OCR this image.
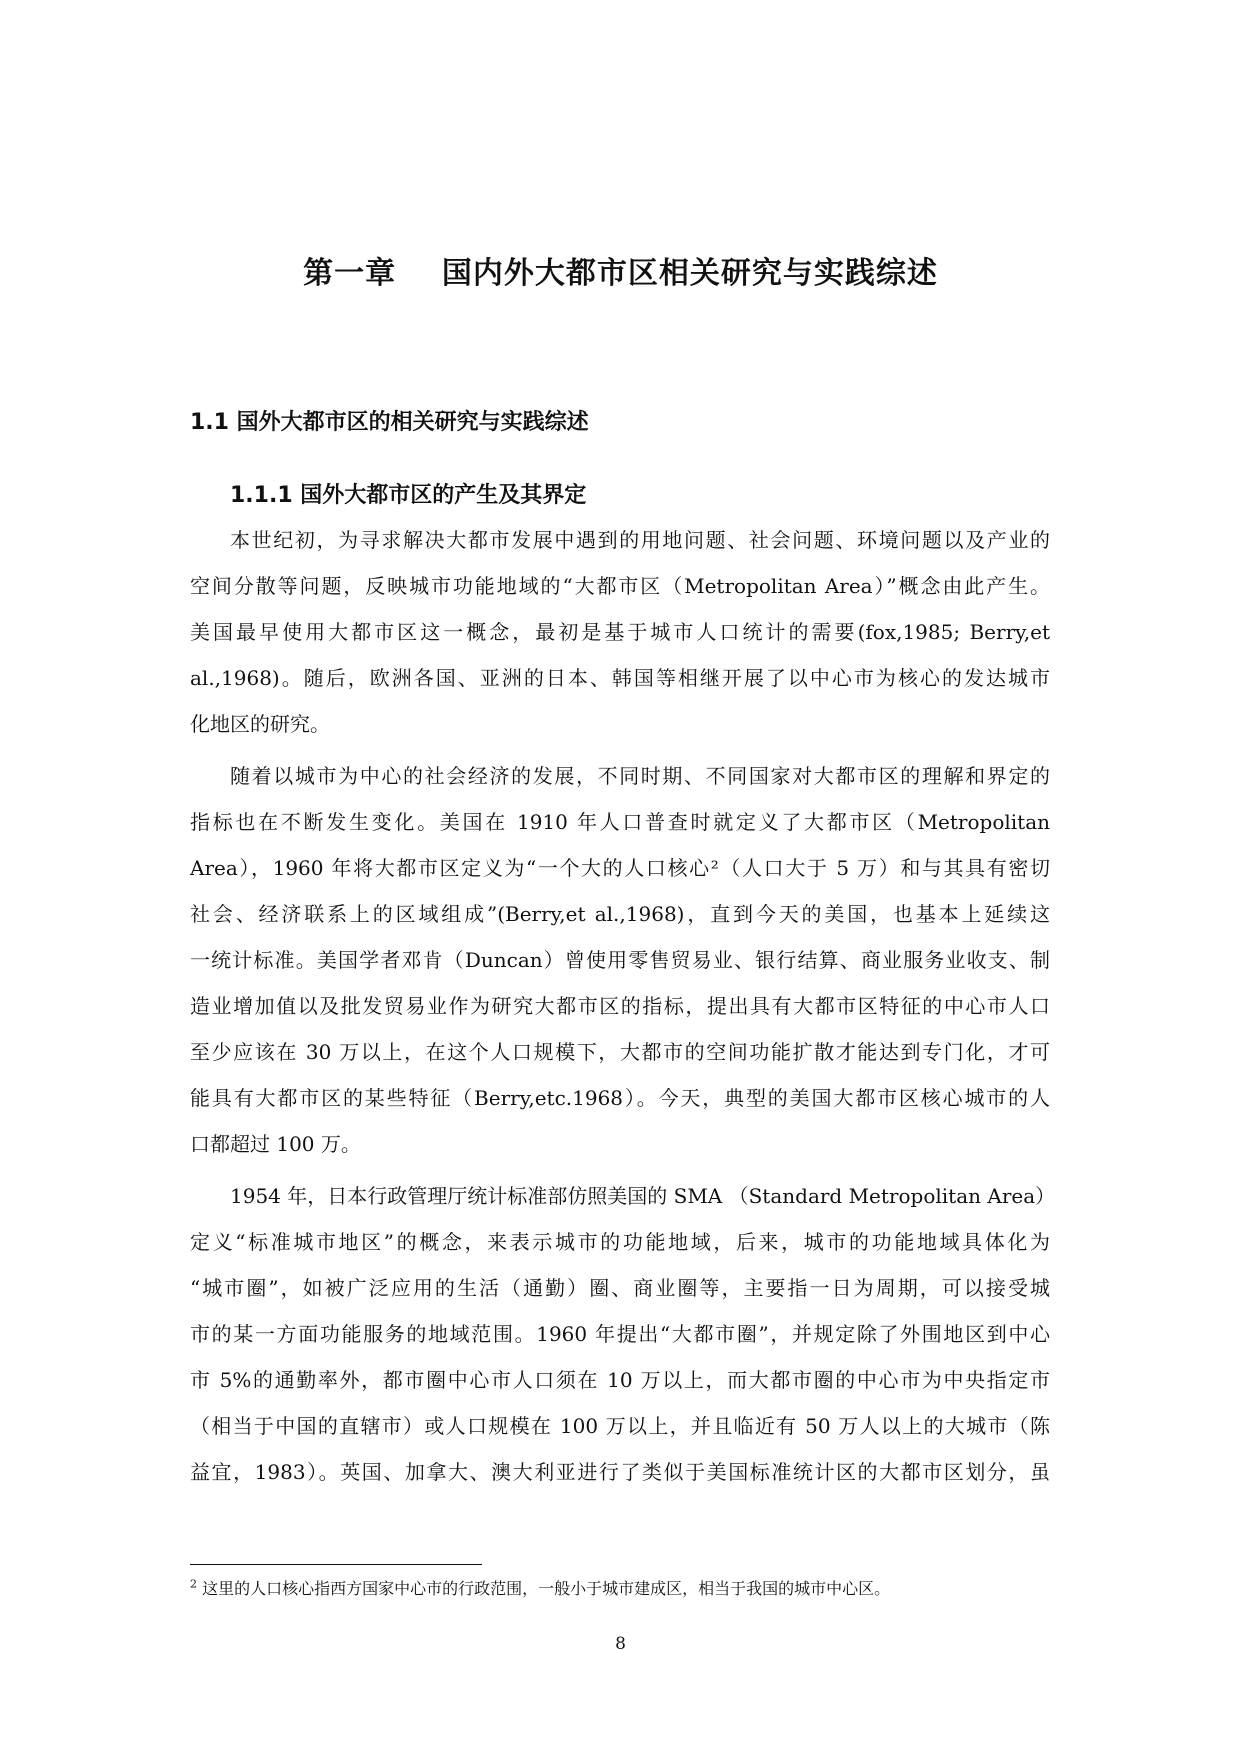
第一章    国内外大都市区相关研究与实践综述
1.1 国外大都市区的相关研究与实践综述
1.1.1 国外大都市区的产生及其界定
本世纪初，为寻求解决大都市发展中遇到的用地问题、社会问题、环境问题以及产业的
空间分散等问题，反映城市功能地域的“大都市区（Metropolitan Area）”概念由此产生。
美国最早使用大都市区这一概念，最初是基于城市人口统计的需要(fox,1985; Berry,et
al.,1968)。随后，欧洲各国、亚洲的日本、韩国等相继开展了以中心市为核心的发达城市
化地区的研究。
随着以城市为中心的社会经济的发展，不同时期、不同国家对大都市区的理解和界定的
指标也在不断发生变化。美国在 1910 年人口普查时就定义了大都市区（Metropolitan
Area），1960 年将大都市区定义为“一个大的人口核心²（人口大于 5 万）和与其具有密切
社会、经济联系上的区域组成”(Berry,et al.,1968)，直到今天的美国，也基本上延续这
一统计标准。美国学者邓肯（Duncan）曾使用零售贸易业、银行结算、商业服务业收支、制
造业增加值以及批发贸易业作为研究大都市区的指标，提出具有大都市区特征的中心市人口
至少应该在 30 万以上，在这个人口规模下，大都市的空间功能扩散才能达到专门化，才可
能具有大都市区的某些特征（Berry,etc.1968）。今天，典型的美国大都市区核心城市的人
口都超过 100 万。
1954 年，日本行政管理厅统计标准部仿照美国的 SMA （Standard Metropolitan Area）
定义“标准城市地区”的概念，来表示城市的功能地域，后来，城市的功能地域具体化为
“城市圈”，如被广泛应用的生活（通勤）圈、商业圈等，主要指一日为周期，可以接受城
市的某一方面功能服务的地域范围。1960 年提出“大都市圈”，并规定除了外围地区到中心
市 5%的通勤率外，都市圈中心市人口须在 10 万以上，而大都市圈的中心市为中央指定市
（相当于中国的直辖市）或人口规模在 100 万以上，并且临近有 50 万人以上的大城市（陈
益宜，1983）。英国、加拿大、澳大利亚进行了类似于美国标准统计区的大都市区划分，虽
$^2$ 这里的人口核心指西方国家中心市的行政范围，一般小于城市建成区，相当于我国的城市中心区。
8
